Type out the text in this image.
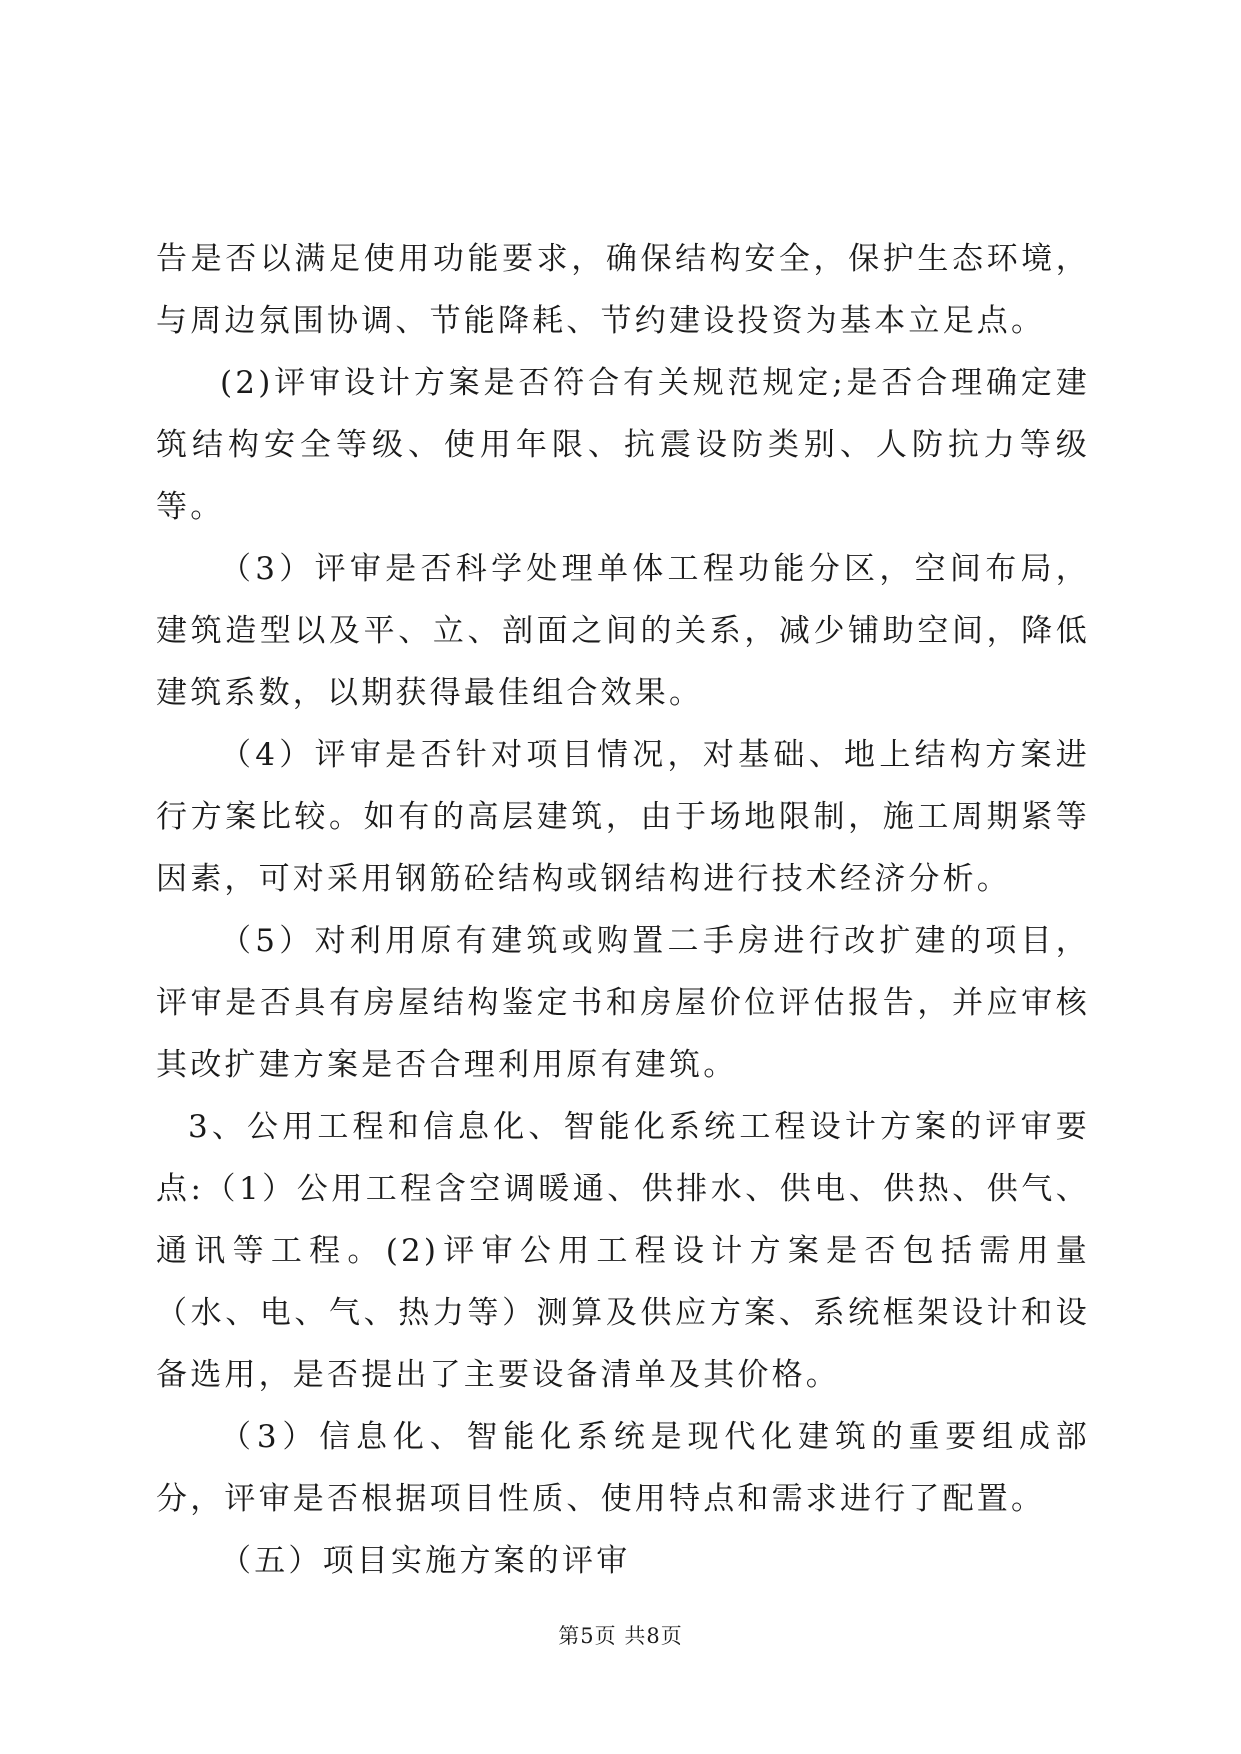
告是否以满足使用功能要求，确保结构安全，保护生态环境，与周边氛围协调、节能降耗、节约建设投资为基本立足点。

(2)评审设计方案是否符合有关规范规定;是否合理确定建筑结构安全等级、使用年限、抗震设防类别、人防抗力等级等。

（3）评审是否科学处理单体工程功能分区，空间布局，建筑造型以及平、立、剖面之间的关系，减少铺助空间，降低建筑系数，以期获得最佳组合效果。

（4）评审是否针对项目情况，对基础、地上结构方案进行方案比较。如有的高层建筑，由于场地限制，施工周期紧等因素，可对采用钢筋砼结构或钢结构进行技术经济分析。

（5）对利用原有建筑或购置二手房进行改扩建的项目，评审是否具有房屋结构鉴定书和房屋价位评估报告，并应审核其改扩建方案是否合理利用原有建筑。

3、公用工程和信息化、智能化系统工程设计方案的评审要点:（1）公用工程含空调暖通、供排水、供电、供热、供气、通讯等工程。(2)评审公用工程设计方案是否包括需用量（水、电、气、热力等）测算及供应方案、系统框架设计和设备选用，是否提出了主要设备清单及其价格。

（3）信息化、智能化系统是现代化建筑的重要组成部分，评审是否根据项目性质、使用特点和需求进行了配置。

（五）项目实施方案的评审

第5页 共8页
